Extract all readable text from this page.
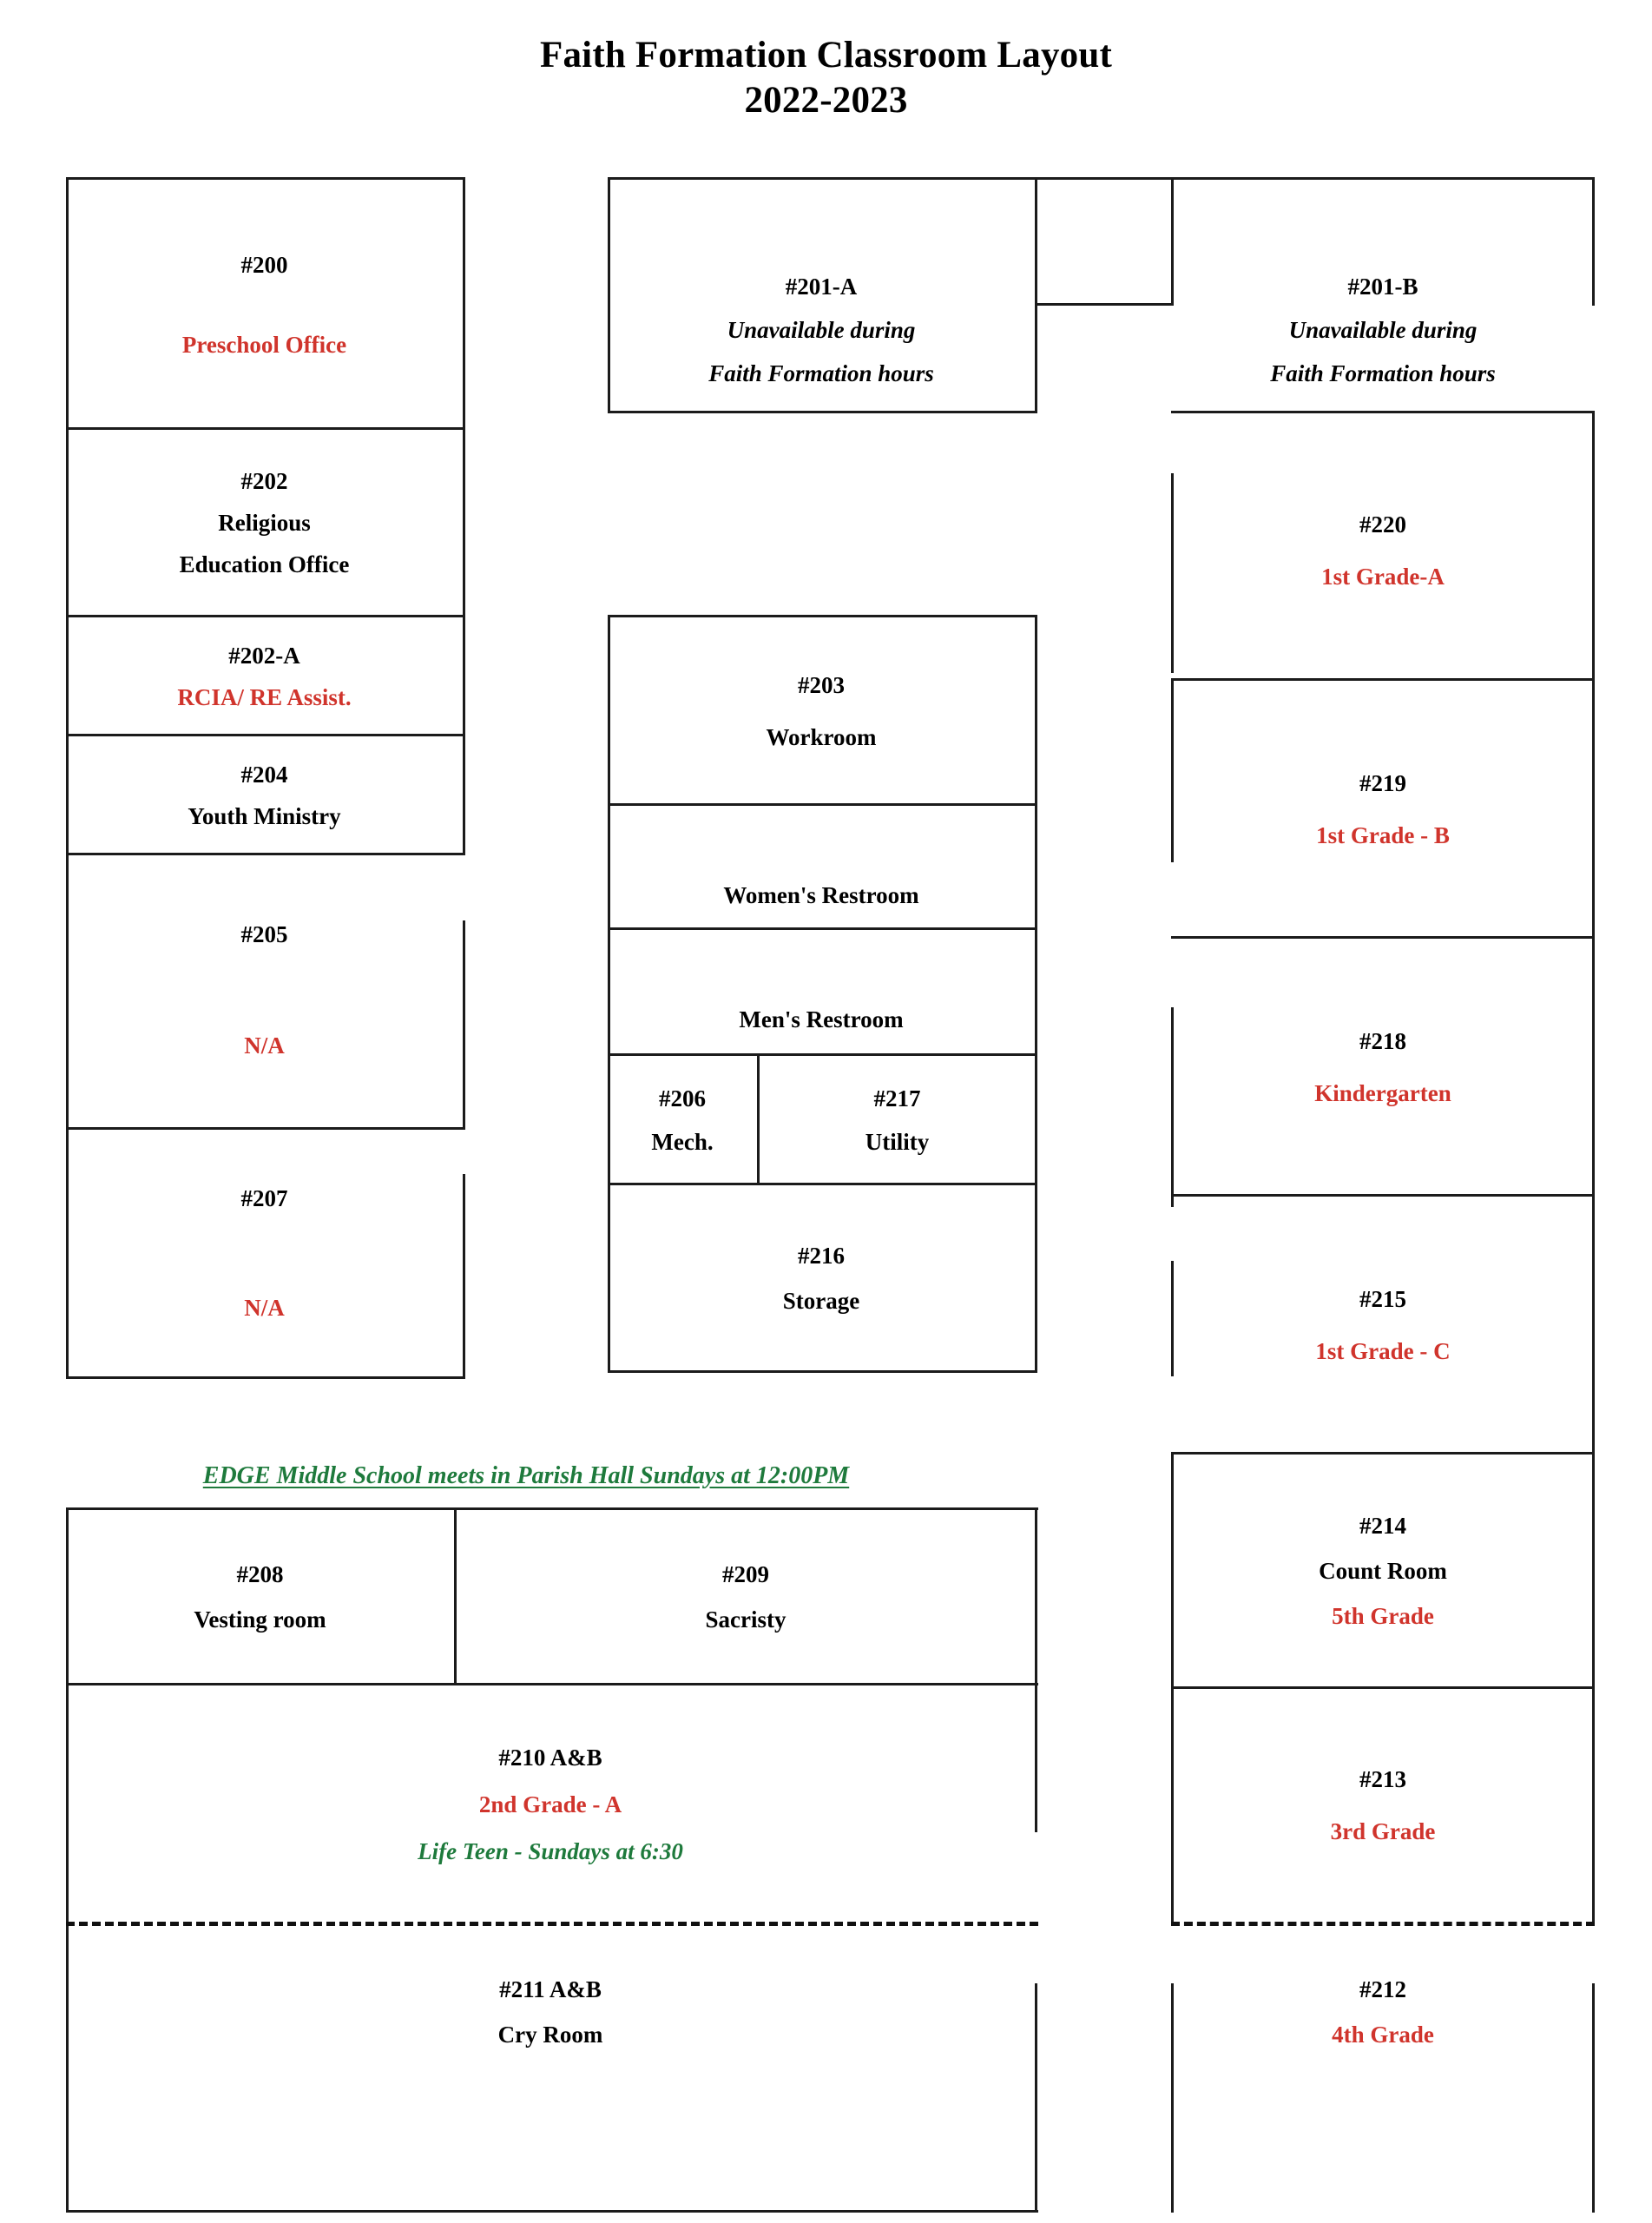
Faith Formation Classroom Layout
2022-2023
#200
Preschool Office
#201-A
Unavailable during
Faith Formation hours
#201-B
Unavailable during
Faith Formation hours
#202
Religious
Education Office
#202-A
RCIA/ RE Assist.
#204
Youth Ministry
#205
N/A
#207
N/A
#220
1st Grade-A
#219
1st Grade - B
#218
Kindergarten
#215
1st Grade - C
#203
Workroom
Women's Restroom
Men's Restroom
#206
Mech.
#217
Utility
#216
Storage
EDGE Middle School meets in Parish Hall Sundays at 12:00PM
#208
Vesting room
#209
Sacristy
#210 A&B
2nd Grade - A
Life Teen - Sundays at 6:30
#211 A&B
Cry Room
#214
Count Room
5th Grade
#213
3rd Grade
#212
4th Grade
